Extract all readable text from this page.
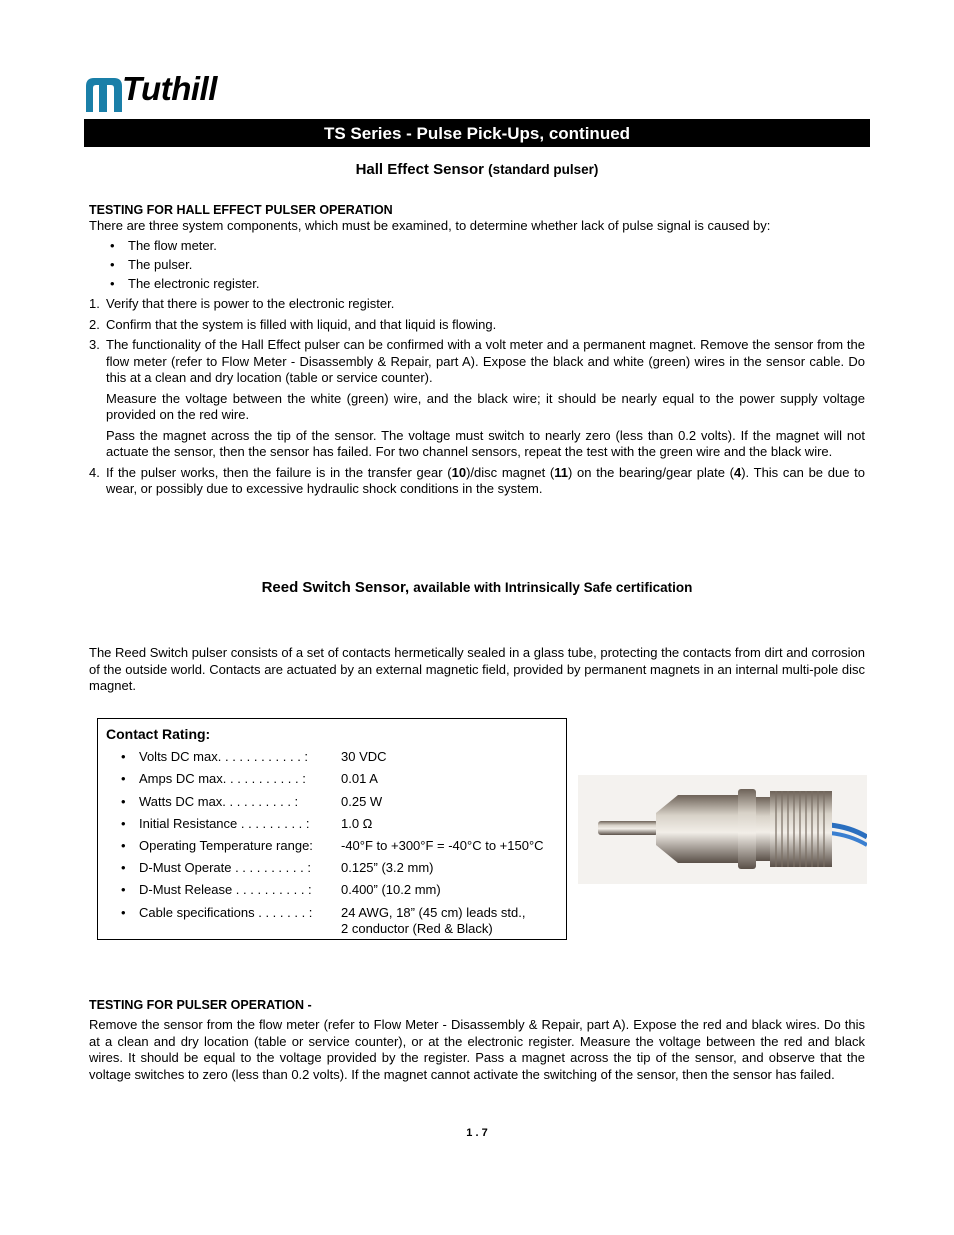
Tuthill
TS Series - Pulse Pick-Ups, continued
Hall Effect Sensor (standard pulser)
TESTING FOR HALL EFFECT PULSER OPERATION
There are three system components, which must be examined, to determine whether lack of pulse signal is caused by:
•	The flow meter.
•	The pulser.
•	The electronic register.
1. Verify that there is power to the electronic register.
2. Confirm that the system is filled with liquid, and that liquid is flowing.
3. The functionality of the Hall Effect pulser can be confirmed with a volt meter and a permanent magnet. Remove the sensor from the flow meter (refer to Flow Meter - Disassembly & Repair, part A). Expose the black and white (green) wires in the sensor cable. Do this at a clean and dry location (table or service counter).
Measure the voltage between the white (green) wire, and the black wire; it should be nearly equal to the power supply voltage provided on the red wire.
Pass the magnet across the tip of the sensor. The voltage must switch to nearly zero (less than 0.2 volts). If the magnet will not actuate the sensor, then the sensor has failed. For two channel sensors, repeat the test with the green wire and the black wire.
4. If the pulser works, then the failure is in the transfer gear (10)/disc magnet (11) on the bearing/gear plate (4). This can be due to wear, or possibly due to excessive hydraulic shock conditions in the system.
Reed Switch Sensor, available with Intrinsically Safe certification
The Reed Switch pulser consists of a set of contacts hermetically sealed in a glass tube, protecting the contacts from dirt and corrosion of the outside world. Contacts are actuated by an external magnetic field, provided by permanent magnets in an internal multi-pole disc magnet.
Contact Rating:
• Volts DC max. . . . . . . . . . . . :	30 VDC
• Amps DC max. . . . . . . . . . . :	0.01 A
• Watts DC max. . . . . . . . . . :	0.25 W
• Initial Resistance . . . . . . . . . : 1.0 Ω
• Operating Temperature range: -40°F to +300°F = -40°C to +150°C
• D-Must Operate . . . . . . . . . . : 0.125” (3.2 mm)
• D-Must Release . . . . . . . . . . : 0.400” (10.2 mm)
• Cable specifications . . . . . . . : 24 AWG, 18” (45 cm) leads std.,
2 conductor (Red & Black)
TESTING FOR PULSER OPERATION -
Remove the sensor from the flow meter (refer to Flow Meter - Disassembly & Repair, part A). Expose the red and black wires. Do this at a clean and dry location (table or service counter), or at the electronic register. Measure the voltage between the red and black wires. It should be equal to the voltage provided by the register. Pass a magnet across the tip of the sensor, and observe that the voltage switches to zero (less than 0.2 volts). If the magnet cannot activate the switching of the sensor, then the sensor has failed.
1 . 7
